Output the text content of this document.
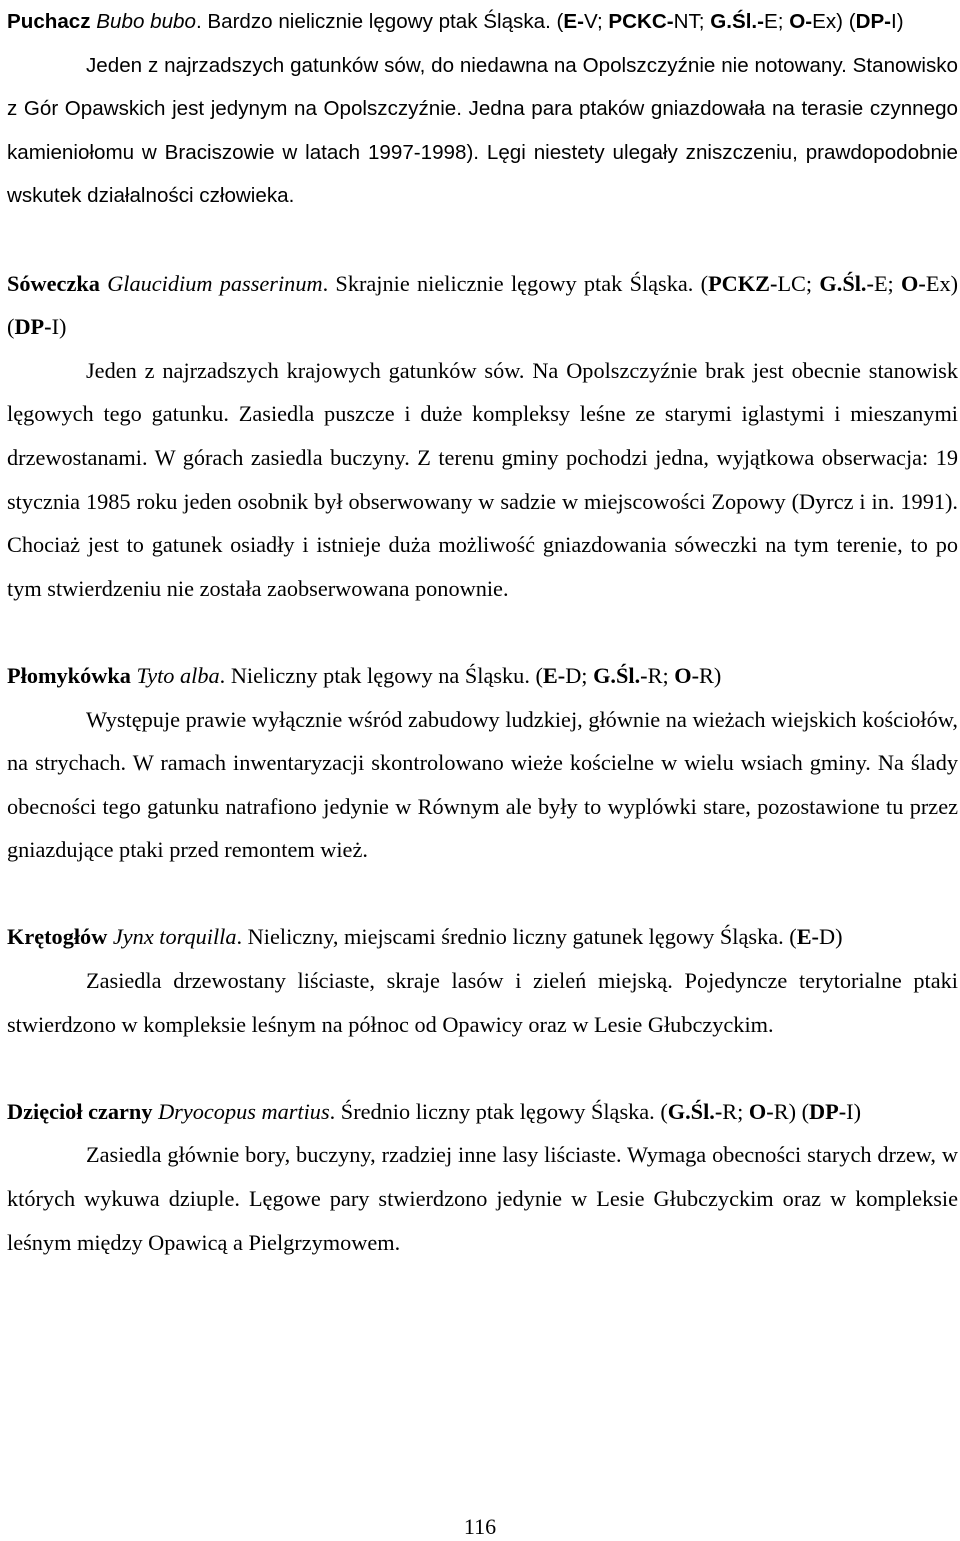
Puchacz Bubo bubo. Bardzo nielicznie lęgowy ptak Śląska. (E-V; PCKC-NT; G.Śl.-E; O-Ex) (DP-I)

Jeden z najrzadszych gatunków sów, do niedawna na Opolszczyźnie nie notowany. Stanowisko z Gór Opawskich jest jedynym na Opolszczyźnie. Jedna para ptaków gniazdowała na terasie czynnego kamieniołomu w Braciszowie w latach 1997-1998). Lęgi niestety ulegały zniszczeniu, prawdopodobnie wskutek działalności człowieka.

Sóweczka Glaucidium passerinum. Skrajnie nielicznie lęgowy ptak Śląska. (PCKZ-LC; G.Śl.-E; O-Ex) (DP-I)

Jeden z najrzadszych krajowych gatunków sów. Na Opolszczyźnie brak jest obecnie stanowisk lęgowych tego gatunku. Zasiedla puszcze i duże kompleksy leśne ze starymi iglastymi i mieszanymi drzewostanami. W górach zasiedla buczyny. Z terenu gminy pochodzi jedna, wyjątkowa obserwacja: 19 stycznia 1985 roku jeden osobnik był obserwowany w sadzie w miejscowości Zopowy (Dyrcz i in. 1991). Chociaż jest to gatunek osiadły i istnieje duża możliwość gniazdowania sóweczki na tym terenie, to po tym stwierdzeniu nie została zaobserwowana ponownie.

Płomykówka Tyto alba. Nieliczny ptak lęgowy na Śląsku. (E-D; G.Śl.-R; O-R)

Występuje prawie wyłącznie wśród zabudowy ludzkiej, głównie na wieżach wiejskich kościołów, na strychach. W ramach inwentaryzacji skontrolowano wieże kościelne w wielu wsiach gminy. Na ślady obecności tego gatunku natrafiono jedynie w Równym ale były to wyplówki stare, pozostawione tu przez gniazdujące ptaki przed remontem wież.

Krętogłów Jynx torquilla. Nieliczny, miejscami średnio liczny gatunek lęgowy Śląska. (E-D)

Zasiedla drzewostany liściaste, skraje lasów i zieleń miejską. Pojedyncze terytorialne ptaki stwierdzono w kompleksie leśnym na północ od Opawicy oraz w Lesie Głubczyckim.

Dzięcioł czarny Dryocopus martius. Średnio liczny ptak lęgowy Śląska. (G.Śl.-R; O-R) (DP-I)

Zasiedla głównie bory, buczyny, rzadziej inne lasy liściaste. Wymaga obecności starych drzew, w których wykuwa dziuple. Lęgowe pary stwierdzono jedynie w Lesie Głubczyckim oraz w kompleksie leśnym między Opawicą a Pielgrzymowem.

116
